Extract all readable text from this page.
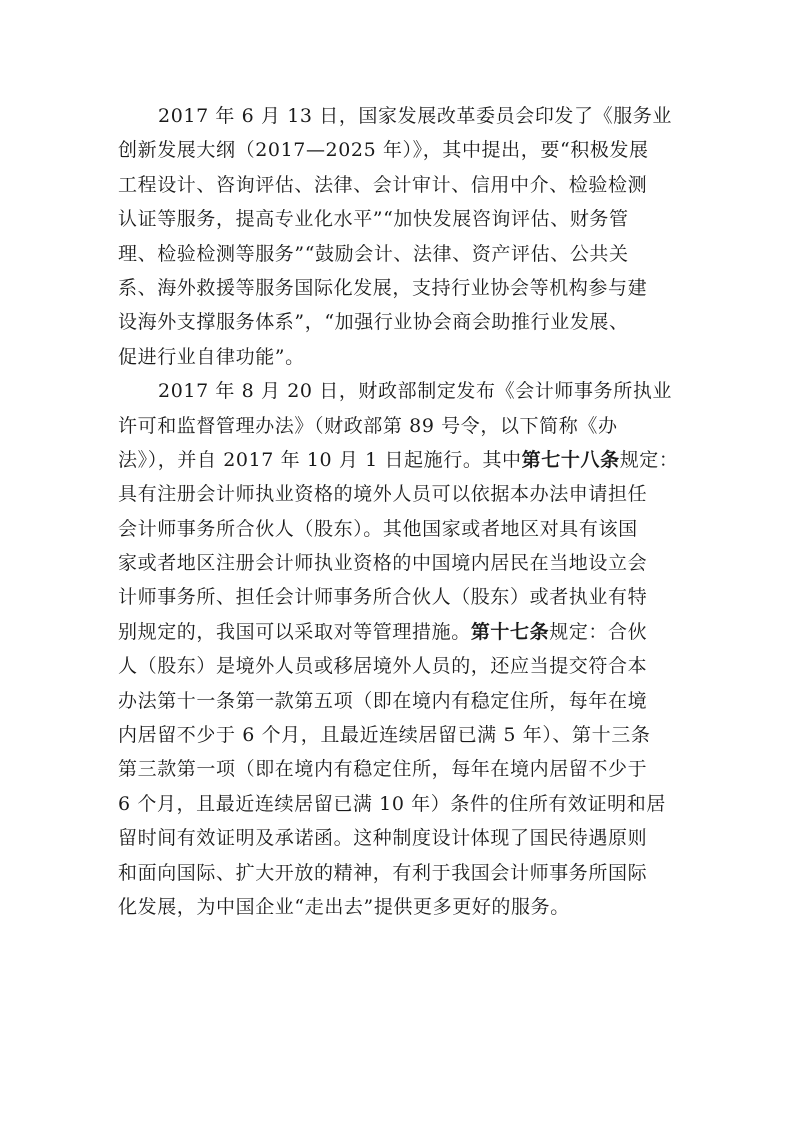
2017 年 6 月 13 日，国家发展改革委员会印发了《服务业
创新发展大纲（2017—2025 年）》，其中提出，要“积极发展
工程设计、咨询评估、法律、会计审计、信用中介、检验检测
认证等服务，提高专业化水平”“加快发展咨询评估、财务管
理、检验检测等服务”“鼓励会计、法律、资产评估、公共关
系、海外救援等服务国际化发展，支持行业协会等机构参与建
设海外支撑服务体系”，“加强行业协会商会助推行业发展、
促进行业自律功能”。
2017 年 8 月 20 日，财政部制定发布《会计师事务所执业
许可和监督管理办法》（财政部第 89 号令，以下简称《办
法》），并自 2017 年 10 月 1 日起施行。其中第七十八条规定：
具有注册会计师执业资格的境外人员可以依据本办法申请担任
会计师事务所合伙人（股东）。其他国家或者地区对具有该国
家或者地区注册会计师执业资格的中国境内居民在当地设立会
计师事务所、担任会计师事务所合伙人（股东）或者执业有特
别规定的，我国可以采取对等管理措施。第十七条规定：合伙
人（股东）是境外人员或移居境外人员的，还应当提交符合本
办法第十一条第一款第五项（即在境内有稳定住所，每年在境
内居留不少于 6 个月，且最近连续居留已满 5 年）、第十三条
第三款第一项（即在境内有稳定住所，每年在境内居留不少于
6 个月，且最近连续居留已满 10 年）条件的住所有效证明和居
留时间有效证明及承诺函。这种制度设计体现了国民待遇原则
和面向国际、扩大开放的精神，有利于我国会计师事务所国际
化发展，为中国企业“走出去”提供更多更好的服务。
